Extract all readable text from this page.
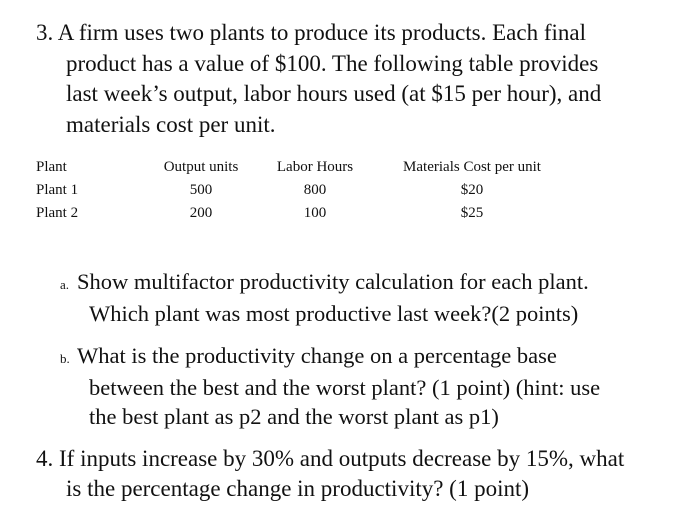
3. A firm uses two plants to produce its products. Each final
product has a value of $100. The following table provides
last week’s output, labor hours used (at $15 per hour), and
materials cost per unit.
Plant	Output units	Labor Hours	Materials Cost per unit
Plant 1	500	800	$20
Plant 2	200	100	$25
a. Show multifactor productivity calculation for each plant.
Which plant was most productive last week?(2 points)
b. What is the productivity change on a percentage base
between the best and the worst plant? (1 point) (hint: use
the best plant as p2 and the worst plant as p1)
4. If inputs increase by 30% and outputs decrease by 15%, what
is the percentage change in productivity? (1 point)
